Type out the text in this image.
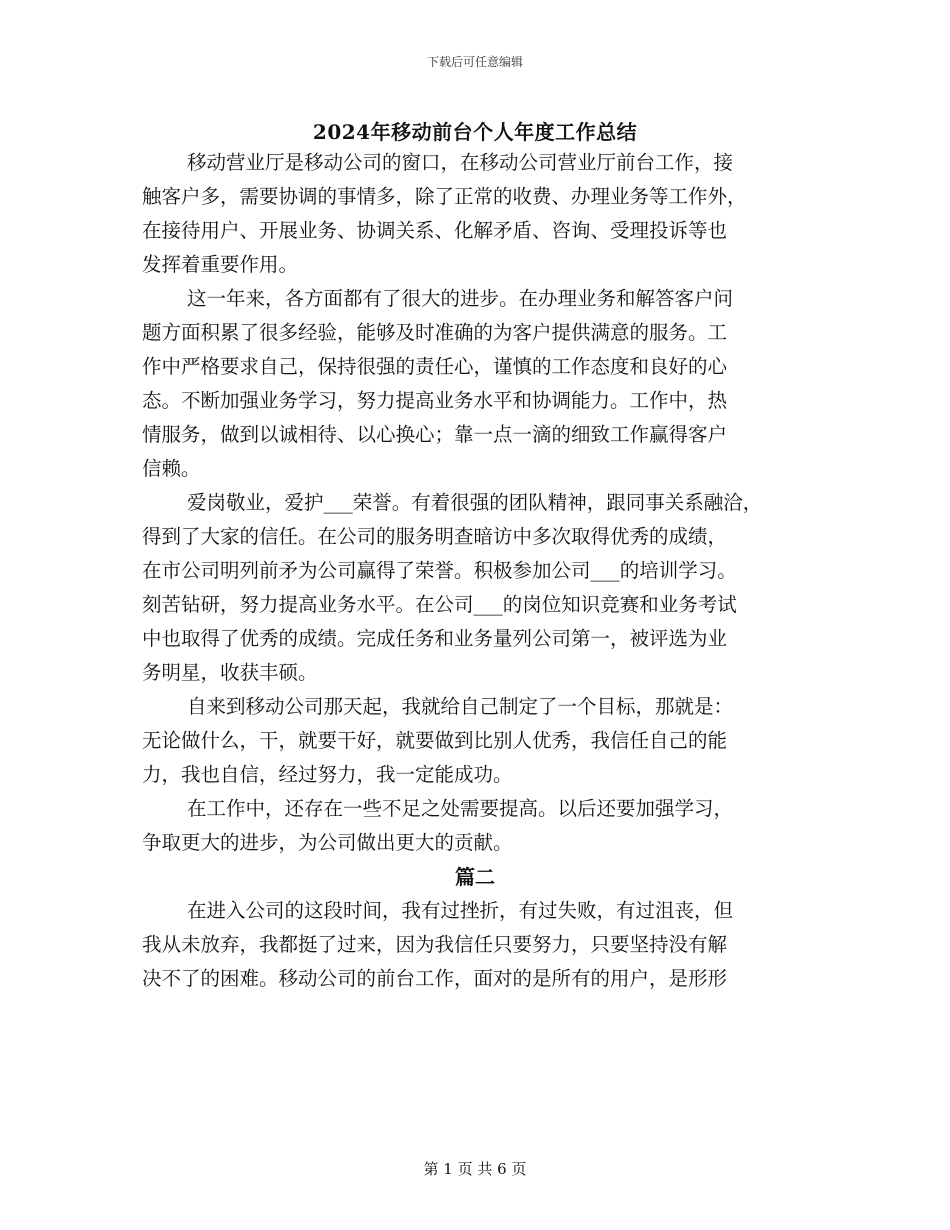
下载后可任意编辑
2024年移动前台个人年度工作总结
移动营业厅是移动公司的窗口，在移动公司营业厅前台工作，接
触客户多，需要协调的事情多，除了正常的收费、办理业务等工作外，
在接待用户、开展业务、协调关系、化解矛盾、咨询、受理投诉等也
发挥着重要作用。
这一年来，各方面都有了很大的进步。在办理业务和解答客户问
题方面积累了很多经验，能够及时准确的为客户提供满意的服务。工
作中严格要求自己，保持很强的责任心，谨慎的工作态度和良好的心
态。不断加强业务学习，努力提高业务水平和协调能力。工作中，热
情服务，做到以诚相待、以心换心；靠一点一滴的细致工作赢得客户
信赖。
爱岗敬业，爱护___荣誉。有着很强的团队精神，跟同事关系融洽，
得到了大家的信任。在公司的服务明查暗访中多次取得优秀的成绩，
在市公司明列前矛为公司赢得了荣誉。积极参加公司___的培训学习。
刻苦钻研，努力提高业务水平。在公司___的岗位知识竞赛和业务考试
中也取得了优秀的成绩。完成任务和业务量列公司第一，被评选为业
务明星，收获丰硕。
自来到移动公司那天起，我就给自己制定了一个目标，那就是：
无论做什么，干，就要干好，就要做到比别人优秀，我信任自己的能
力，我也自信，经过努力，我一定能成功。
在工作中，还存在一些不足之处需要提高。以后还要加强学习，
争取更大的进步，为公司做出更大的贡献。
篇二
在进入公司的这段时间，我有过挫折，有过失败，有过沮丧，但
我从未放弃，我都挺了过来，因为我信任只要努力，只要坚持没有解
决不了的困难。移动公司的前台工作，面对的是所有的用户，是形形
第 1 页 共 6 页
